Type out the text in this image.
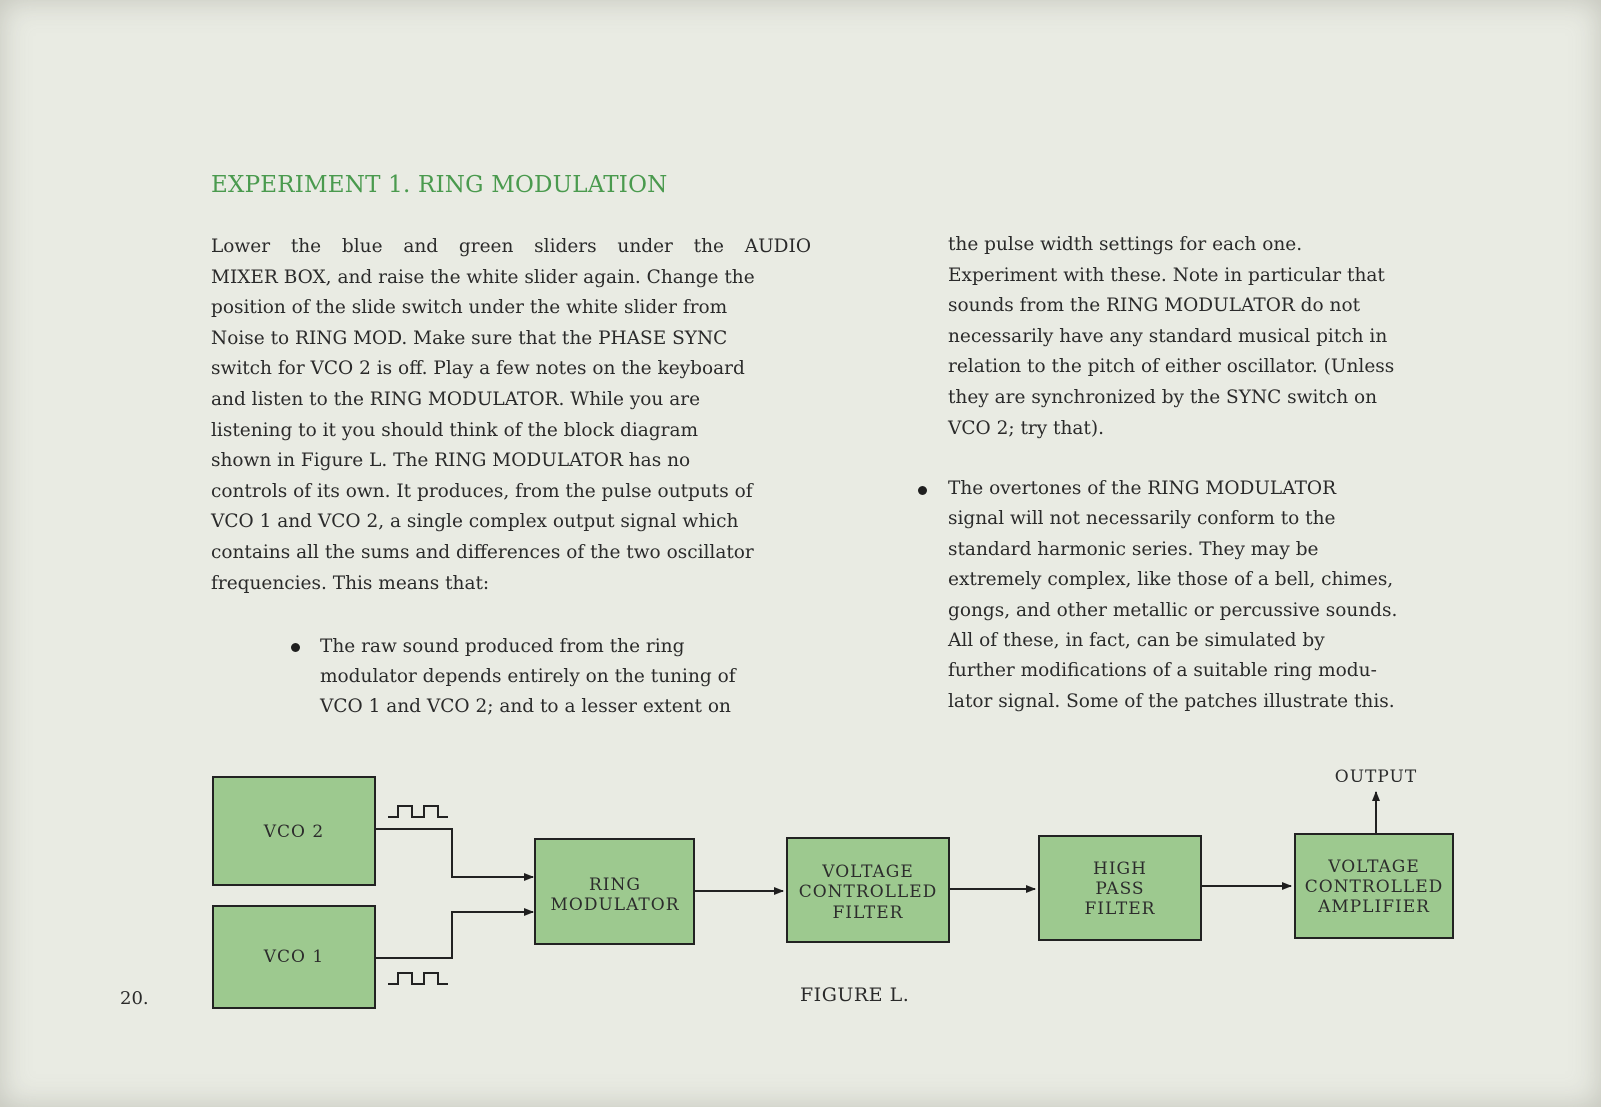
EXPERIMENT 1. RING MODULATION
Lower the blue and green sliders under the AUDIO
MIXER BOX, and raise the white slider again. Change the
position of the slide switch under the white slider from
Noise to RING MOD. Make sure that the PHASE SYNC
switch for VCO 2 is off. Play a few notes on the keyboard
and listen to the RING MODULATOR. While you are
listening to it you should think of the block diagram
shown in Figure L. The RING MODULATOR has no
controls of its own. It produces, from the pulse outputs of
VCO 1 and VCO 2, a single complex output signal which
contains all the sums and differences of the two oscillator
frequencies. This means that:
The raw sound produced from the ring
modulator depends entirely on the tuning of
VCO 1 and VCO 2; and to a lesser extent on
the pulse width settings for each one.
Experiment with these. Note in particular that
sounds from the RING MODULATOR do not
necessarily have any standard musical pitch in
relation to the pitch of either oscillator. (Unless
they are synchronized by the SYNC switch on
VCO 2; try that).
The overtones of the RING MODULATOR
signal will not necessarily conform to the
standard harmonic series. They may be
extremely complex, like those of a bell, chimes,
gongs, and other metallic or percussive sounds.
All of these, in fact, can be simulated by
further modifications of a suitable ring modu-
lator signal. Some of the patches illustrate this.
VCO 2
VCO 1
RING
MODULATOR
VOLTAGE
CONTROLLED
FILTER
HIGH
PASS
FILTER
VOLTAGE
CONTROLLED
AMPLIFIER
OUTPUT
FIGURE L.
20.
